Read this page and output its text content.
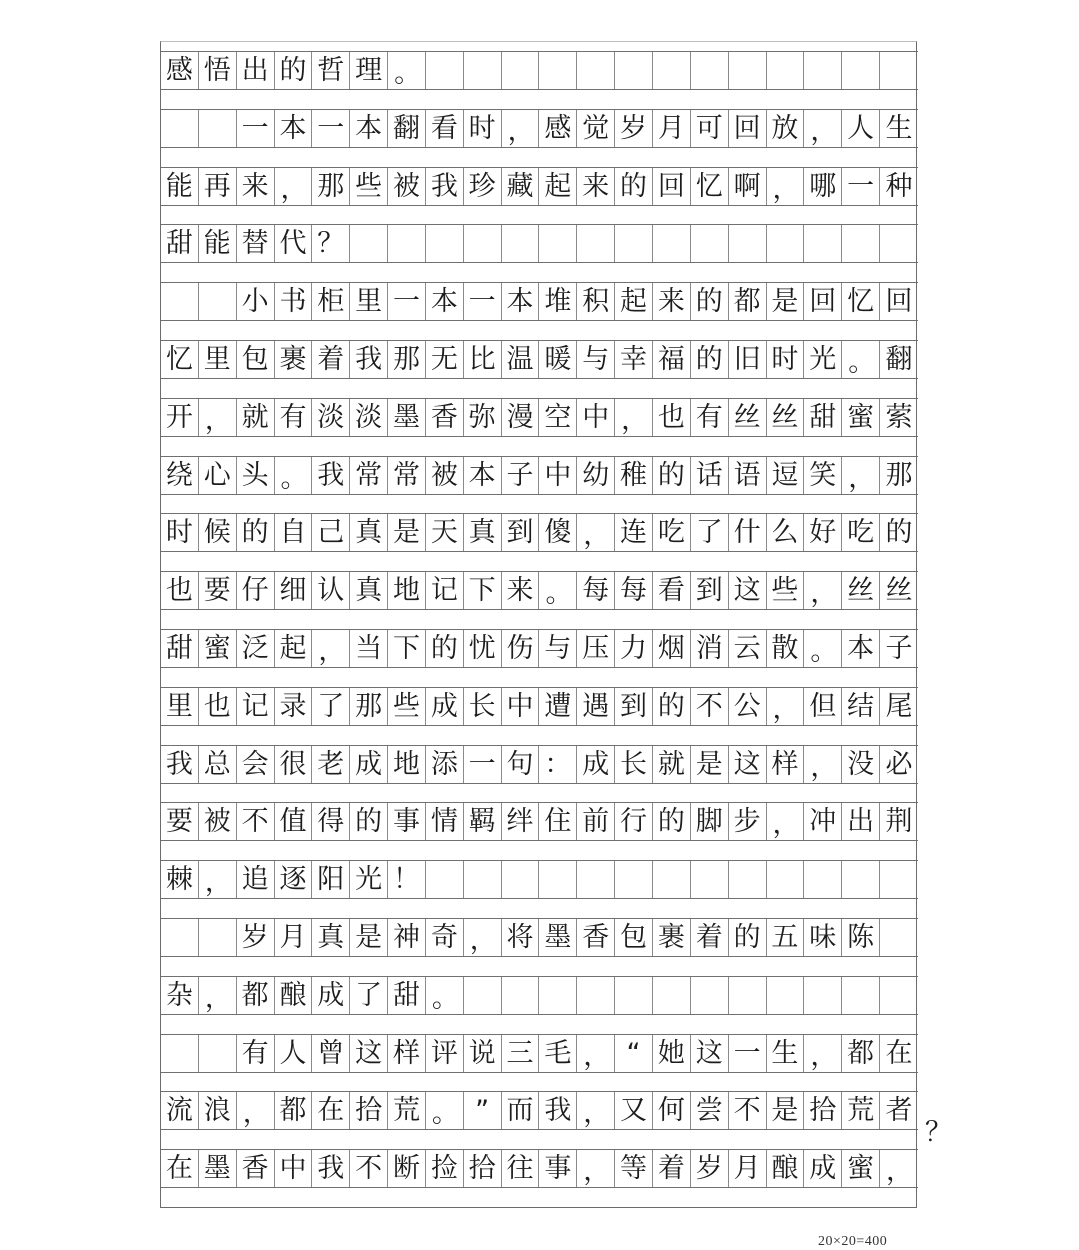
感 悟 出 的 哲 理 。
一 本 一 本 翻 看 时 ， 感 觉 岁 月 可 回 放 ， 人 生
能 再 来 ， 那 些 被 我 珍 藏 起 来 的 回 忆 啊 ， 哪 一 种
甜 能 替 代 ？
小 书 柜 里 一 本 一 本 堆 积 起 来 的 都 是 回 忆 回
忆 里 包 裹 着 我 那 无 比 温 暖 与 幸 福 的 旧 时 光 。 翻
开 ， 就 有 淡 淡 墨 香 弥 漫 空 中 ， 也 有 丝 丝 甜 蜜 萦
绕 心 头 。 我 常 常 被 本 子 中 幼 稚 的 话 语 逗 笑 ， 那
时 候 的 自 己 真 是 天 真 到 傻 ， 连 吃 了 什 么 好 吃 的
也 要 仔 细 认 真 地 记 下 来 。 每 每 看 到 这 些 ， 丝 丝
甜 蜜 泛 起 ， 当 下 的 忧 伤 与 压 力 烟 消 云 散 。 本 子
里 也 记 录 了 那 些 成 长 中 遭 遇 到 的 不 公 ， 但 结 尾
我 总 会 很 老 成 地 添 一 句 ： 成 长 就 是 这 样 ， 没 必
要 被 不 值 得 的 事 情 羁 绊 住 前 行 的 脚 步 ， 冲 出 荆
棘 ， 追 逐 阳 光 ！
岁 月 真 是 神 奇 ， 将 墨 香 包 裹 着 的 五 味 陈
杂 ， 都 酿 成 了 甜 。
有 人 曾 这 样 评 说 三 毛 ， “ 她 这 一 生 ， 都 在
流 浪 ， 都 在 拾 荒 。 ” 而 我 ， 又 何 尝 不 是 拾 荒 者
在 墨 香 中 我 不 断 捡 拾 往 事 ， 等 着 岁 月 酿 成 蜜 ，
？
20×20=400
